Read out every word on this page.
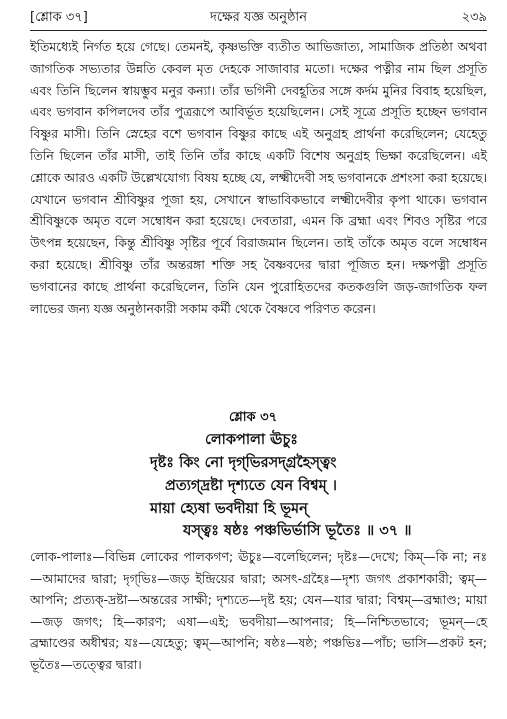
[শ্লোক ৩৭]	দক্ষের যজ্ঞ অনুষ্ঠান	২৩৯

ইতিমধ্যেই নির্গত হয়ে গেছে। তেমনই, কৃষ্ণভক্তি ব্যতীত আভিজাত্য, সামাজিক প্রতিষ্ঠা অথবা জাগতিক সভ্যতার উন্নতি কেবল মৃত দেহকে সাজাবার মতো। দক্ষের পত্নীর নাম ছিল প্রসূতি এবং তিনি ছিলেন স্বায়ম্ভুব মনুর কন্যা। তাঁর ভগিনী দেবহূতির সঙ্গে কর্দম মুনির বিবাহ হয়েছিল, এবং ভগবান কপিলদেব তাঁর পুত্ররূপে আবির্ভূত হয়েছিলেন। সেই সূত্রে প্রসূতি হচ্ছেন ভগবান বিষ্ণুর মাসী। তিনি স্নেহের বশে ভগবান বিষ্ণুর কাছে এই অনুগ্রহ প্রার্থনা করেছিলেন; যেহেতু তিনি ছিলেন তাঁর মাসী, তাই তিনি তাঁর কাছে একটি বিশেষ অনুগ্রহ ভিক্ষা করেছিলেন। এই শ্লোকে আরও একটি উল্লেখযোগ্য বিষয় হচ্ছে যে, লক্ষ্মীদেবী সহ ভগবানকে প্রশংসা করা হয়েছে। যেখানে ভগবান শ্রীবিষ্ণুর পূজা হয়, সেখানে স্বাভাবিকভাবে লক্ষ্মীদেবীর কৃপা থাকে। ভগবান শ্রীবিষ্ণুকে অমৃত বলে সম্বোধন করা হয়েছে। দেবতারা, এমন কি ব্রহ্মা এবং শিবও সৃষ্টির পরে উৎপন্ন হয়েছেন, কিন্তু শ্রীবিষ্ণু সৃষ্টির পূর্বে বিরাজমান ছিলেন। তাই তাঁকে অমৃত বলে সম্বোধন করা হয়েছে। শ্রীবিষ্ণু তাঁর অন্তরঙ্গা শক্তি সহ বৈষ্ণবদের দ্বারা পূজিত হন। দক্ষপত্নী প্রসূতি ভগবানের কাছে প্রার্থনা করেছিলেন, তিনি যেন পুরোহিতদের কতকগুলি জড়-জাগতিক ফল লাভের জন্য যজ্ঞ অনুষ্ঠানকারী সকাম কর্মী থেকে বৈষ্ণবে পরিণত করেন।

শ্লোক ৩৭
লোকপালা ঊচুঃ
দৃষ্টঃ কিং নো দৃগ্‌ভিরসদ্‌গ্রহৈস্ত্বং
প্রত্যগ্‌দ্রষ্টা দৃশ্যতে যেন বিশ্বম্‌ ।
মায়া হ্যেষা ভবদীয়া হি ভূমন্‌
যস্ত্বঃ ষষ্ঠঃ পঞ্চভির্ভাসি ভূতৈঃ ॥ ৩৭ ॥

লোক-পালাঃ—বিভিন্ন লোকের পালকগণ; ঊচুঃ—বলেছিলেন; দৃষ্টঃ—দেখে; কিম্‌—কি না; নঃ—আমাদের দ্বারা; দৃগ্‌ভিঃ—জড় ইন্দ্রিয়ের দ্বারা; অসৎ-গ্রহৈঃ—দৃশ্য জগৎ প্রকাশকারী; ত্বম্‌—আপনি; প্রত্যক্‌-দ্রষ্টা—অন্তরের সাক্ষী; দৃশ্যতে—দৃষ্ট হয়; যেন—যার দ্বারা; বিশ্বম্‌—ব্রহ্মাণ্ড; মায়া—জড় জগৎ; হি—কারণ; এষা—এই; ভবদীয়া—আপনার; হি—নিশ্চিতভাবে; ভূমন্‌—হে ব্রহ্মাণ্ডের অধীশ্বর; যঃ—যেহেতু; ত্বম্‌—আপনি; ষষ্ঠঃ—ষষ্ঠ; পঞ্চভিঃ—পাঁচ; ভাসি—প্রকট হন; ভূতৈঃ—তত্ত্বের দ্বারা।
